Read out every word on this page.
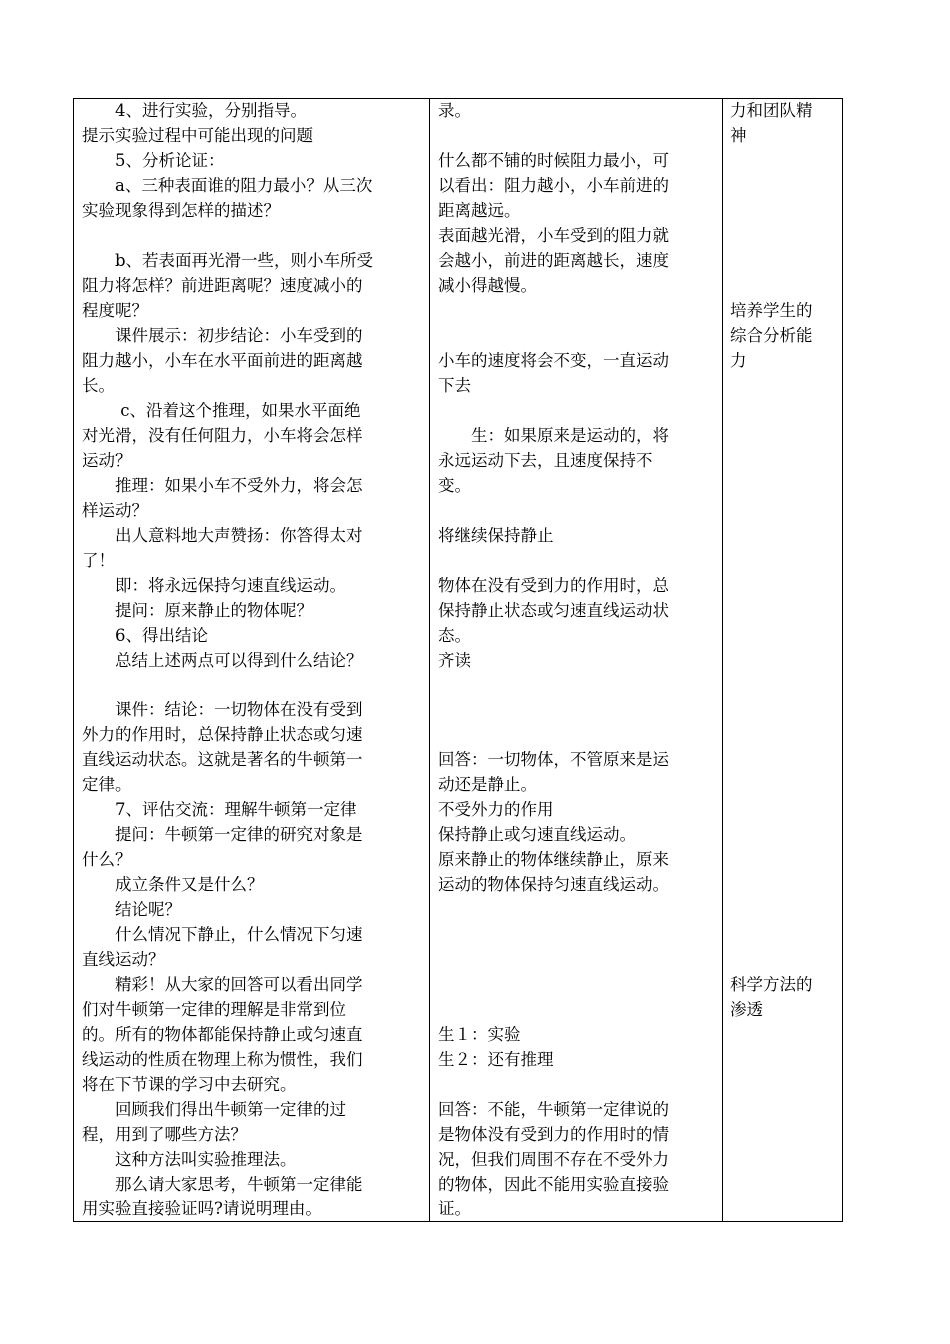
　　4、进行实验，分别指导。
提示实验过程中可能出现的问题
　　5、分析论证：
　　a、三种表面谁的阻力最小？从三次
实验现象得到怎样的描述？
　　b、若表面再光滑一些，则小车所受
阻力将怎样？前进距离呢？速度减小的
程度呢？
　　课件展示：初步结论：小车受到的
阻力越小，小车在水平面前进的距离越
长。
　　 c、沿着这个推理，如果水平面绝
对光滑，没有任何阻力，小车将会怎样
运动？
　　推理：如果小车不受外力，将会怎
样运动？
　　出人意料地大声赞扬：你答得太对
了！
　　即：将永远保持匀速直线运动。
　　提问：原来静止的物体呢？
　　6、得出结论
　　总结上述两点可以得到什么结论？
　　课件：结论：一切物体在没有受到
外力的作用时，总保持静止状态或匀速
直线运动状态。这就是著名的牛顿第一
定律。
　　7、评估交流：理解牛顿第一定律
　　提问：牛顿第一定律的研究对象是
什么？
　　成立条件又是什么？
　　结论呢？
　　什么情况下静止，什么情况下匀速
直线运动？
　　精彩！从大家的回答可以看出同学
们对牛顿第一定律的理解是非常到位
的。所有的物体都能保持静止或匀速直
线运动的性质在物理上称为惯性，我们
将在下节课的学习中去研究。
　　回顾我们得出牛顿第一定律的过
程，用到了哪些方法？
　　这种方法叫实验推理法。
　　那么请大家思考，牛顿第一定律能
用实验直接验证吗?请说明理由。
录。
什么都不铺的时候阻力最小，可
以看出：阻力越小，小车前进的
距离越远。
表面越光滑，小车受到的阻力就
会越小，前进的距离越长，速度
减小得越慢。
小车的速度将会不变，一直运动
下去
　　生：如果原来是运动的，将
永远运动下去，且速度保持不
变。
将继续保持静止
物体在没有受到力的作用时，总
保持静止状态或匀速直线运动状
态。
齐读
回答：一切物体，不管原来是运
动还是静止。
不受外力的作用
保持静止或匀速直线运动。
原来静止的物体继续静止，原来
运动的物体保持匀速直线运动。
生１：实验
生２：还有推理
回答：不能，牛顿第一定律说的
是物体没有受到力的作用时的情
况，但我们周围不存在不受外力
的物体，因此不能用实验直接验
证。
力和团队精
神
培养学生的
综合分析能
力
科学方法的
渗透
